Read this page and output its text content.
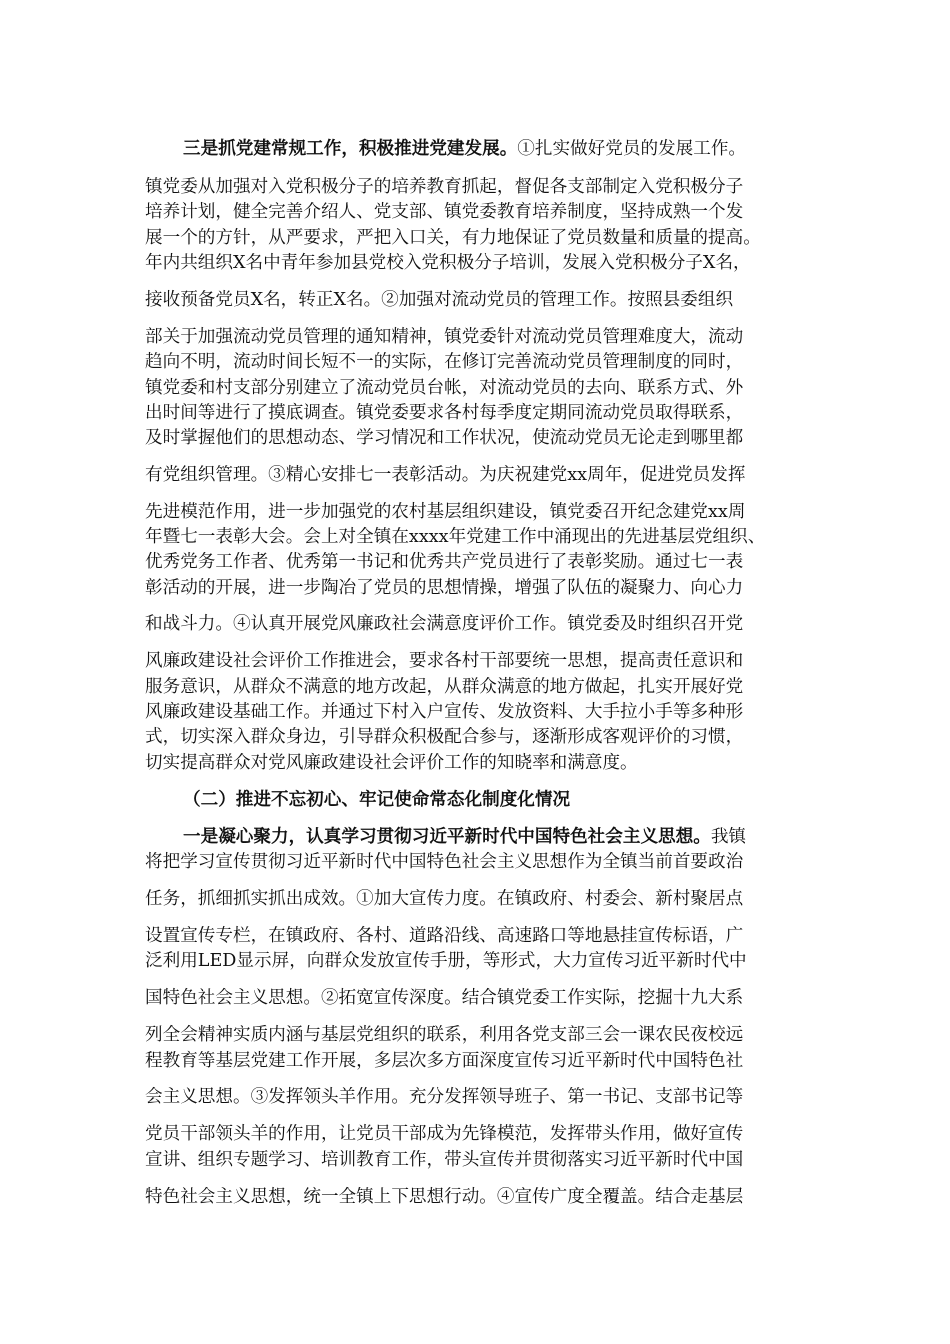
三是抓党建常规工作，积极推进党建发展。①扎实做好党员的发展工作。
镇党委从加强对入党积极分子的培养教育抓起，督促各支部制定入党积极分子
培养计划，健全完善介绍人、党支部、镇党委教育培养制度，坚持成熟一个发
展一个的方针，从严要求，严把入口关，有力地保证了党员数量和质量的提高。
年内共组织X名中青年参加县党校入党积极分子培训，发展入党积极分子X名，
接收预备党员X名，转正X名。②加强对流动党员的管理工作。按照县委组织
部关于加强流动党员管理的通知精神，镇党委针对流动党员管理难度大，流动
趋向不明，流动时间长短不一的实际，在修订完善流动党员管理制度的同时，
镇党委和村支部分别建立了流动党员台帐，对流动党员的去向、联系方式、外
出时间等进行了摸底调查。镇党委要求各村每季度定期同流动党员取得联系，
及时掌握他们的思想动态、学习情况和工作状况，使流动党员无论走到哪里都
有党组织管理。③精心安排七一表彰活动。为庆祝建党xx周年，促进党员发挥
先进模范作用，进一步加强党的农村基层组织建设，镇党委召开纪念建党xx周
年暨七一表彰大会。会上对全镇在xxxx年党建工作中涌现出的先进基层党组织、
优秀党务工作者、优秀第一书记和优秀共产党员进行了表彰奖励。通过七一表
彰活动的开展，进一步陶冶了党员的思想情操，增强了队伍的凝聚力、向心力
和战斗力。④认真开展党风廉政社会满意度评价工作。镇党委及时组织召开党
风廉政建设社会评价工作推进会，要求各村干部要统一思想，提高责任意识和
服务意识，从群众不满意的地方改起，从群众满意的地方做起，扎实开展好党
风廉政建设基础工作。并通过下村入户宣传、发放资料、大手拉小手等多种形
式，切实深入群众身边，引导群众积极配合参与，逐渐形成客观评价的习惯，
切实提高群众对党风廉政建设社会评价工作的知晓率和满意度。
（二）推进不忘初心、牢记使命常态化制度化情况
一是凝心聚力，认真学习贯彻习近平新时代中国特色社会主义思想。我镇
将把学习宣传贯彻习近平新时代中国特色社会主义思想作为全镇当前首要政治
任务，抓细抓实抓出成效。①加大宣传力度。在镇政府、村委会、新村聚居点
设置宣传专栏，在镇政府、各村、道路沿线、高速路口等地悬挂宣传标语，广
泛利用LED显示屏，向群众发放宣传手册，等形式，大力宣传习近平新时代中
国特色社会主义思想。②拓宽宣传深度。结合镇党委工作实际，挖掘十九大系
列全会精神实质内涵与基层党组织的联系，利用各党支部三会一课农民夜校远
程教育等基层党建工作开展，多层次多方面深度宣传习近平新时代中国特色社
会主义思想。③发挥领头羊作用。充分发挥领导班子、第一书记、支部书记等
党员干部领头羊的作用，让党员干部成为先锋模范，发挥带头作用，做好宣传
宣讲、组织专题学习、培训教育工作，带头宣传并贯彻落实习近平新时代中国
特色社会主义思想，统一全镇上下思想行动。④宣传广度全覆盖。结合走基层
